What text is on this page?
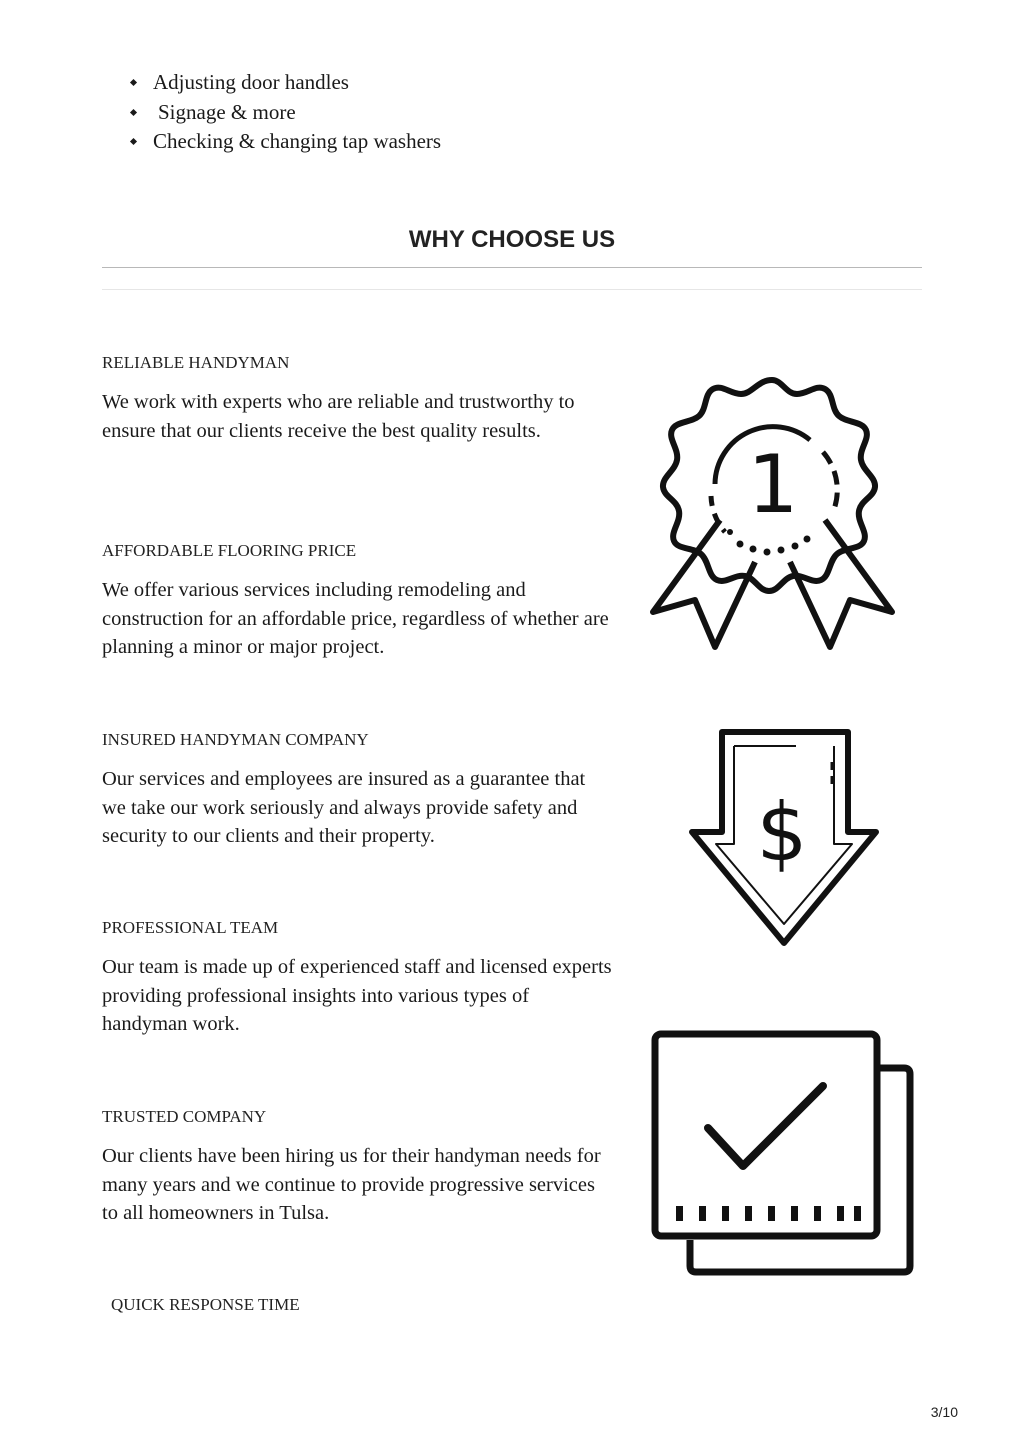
Adjusting door handles
Signage & more
Checking & changing tap washers
WHY CHOOSE US

RELIABLE HANDYMAN

We work with experts who are reliable and trustworthy to ensure that our clients receive the best quality results.

AFFORDABLE FLOORING PRICE

We offer various services including remodeling and construction for an affordable price, regardless of whether are planning a minor or major project.

INSURED HANDYMAN COMPANY

Our services and employees are insured as a guarantee that we take our work seriously and always provide safety and security to our clients and their property.

PROFESSIONAL TEAM

Our team is made up of experienced staff and licensed experts providing professional insights into various types of handyman work.

TRUSTED COMPANY

Our clients have been hiring us for their handyman needs for many years and we continue to provide progressive services to all homeowners in Tulsa.

QUICK RESPONSE TIME

1
$
3/10
